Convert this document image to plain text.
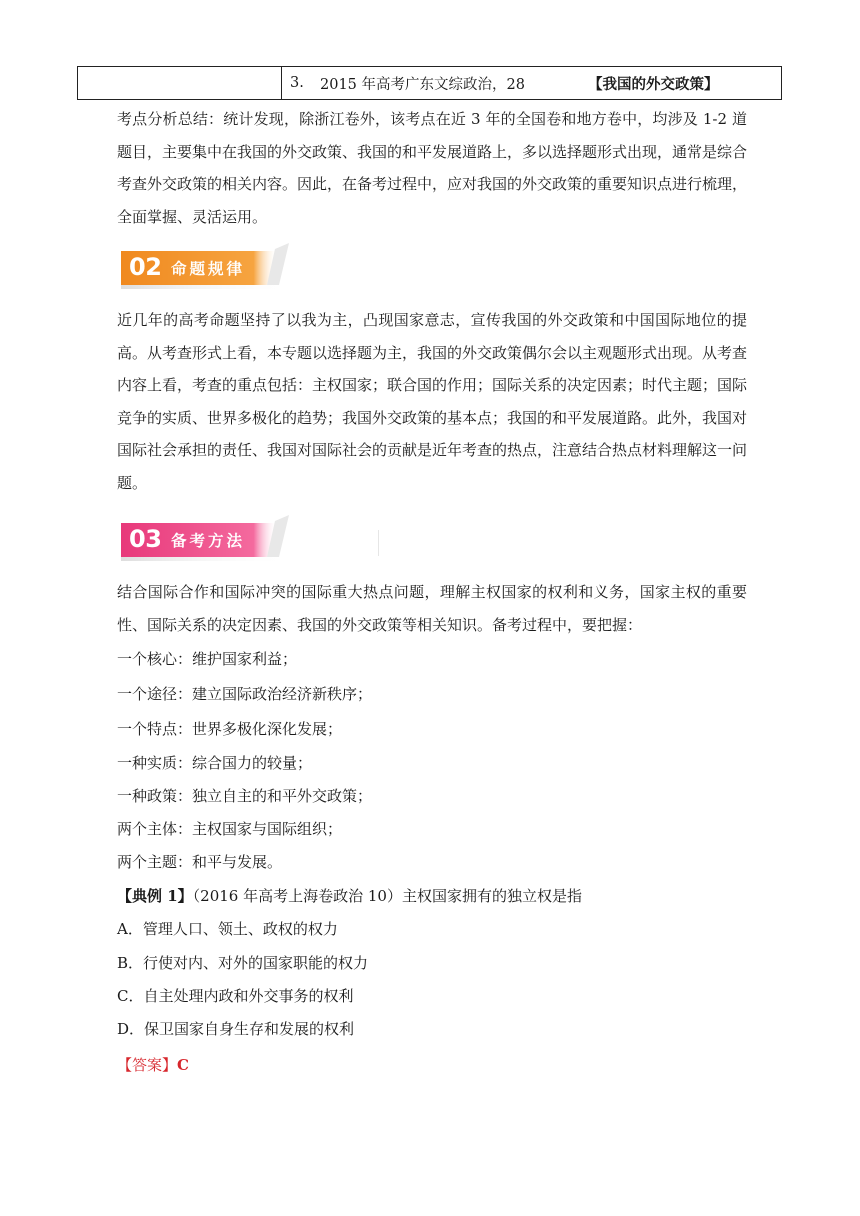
3.	2015 年高考广东文综政治，28	【我国的外交政策】

考点分析总结：统计发现，除浙江卷外，该考点在近 3 年的全国卷和地方卷中，均涉及 1-2 道题目，主要集中在我国的外交政策、我国的和平发展道路上，多以选择题形式出现，通常是综合考查外交政策的相关内容。因此，在备考过程中，应对我国的外交政策的重要知识点进行梳理，全面掌握、灵活运用。

02 命题规律

近几年的高考命题坚持了以我为主，凸现国家意志，宣传我国的外交政策和中国国际地位的提高。从考查形式上看，本专题以选择题为主，我国的外交政策偶尔会以主观题形式出现。从考查内容上看，考查的重点包括：主权国家；联合国的作用；国际关系的决定因素；时代主题；国际竞争的实质、世界多极化的趋势；我国外交政策的基本点；我国的和平发展道路。此外，我国对国际社会承担的责任、我国对国际社会的贡献是近年考查的热点，注意结合热点材料理解这一问题。

03 备考方法

结合国际合作和国际冲突的国际重大热点问题，理解主权国家的权利和义务，国家主权的重要性、国际关系的决定因素、我国的外交政策等相关知识。备考过程中，要把握：

一个核心：维护国家利益；
一个途径：建立国际政治经济新秩序；
一个特点：世界多极化深化发展；
一种实质：综合国力的较量；
一种政策：独立自主的和平外交政策；
两个主体：主权国家与国际组织；
两个主题：和平与发展。
【典例 1】（2016 年高考上海卷政治 10）主权国家拥有的独立权是指
A．管理人口、领土、政权的权力
B．行使对内、对外的国家职能的权力
C．自主处理内政和外交事务的权利
D．保卫国家自身生存和发展的权利
【答案】C
